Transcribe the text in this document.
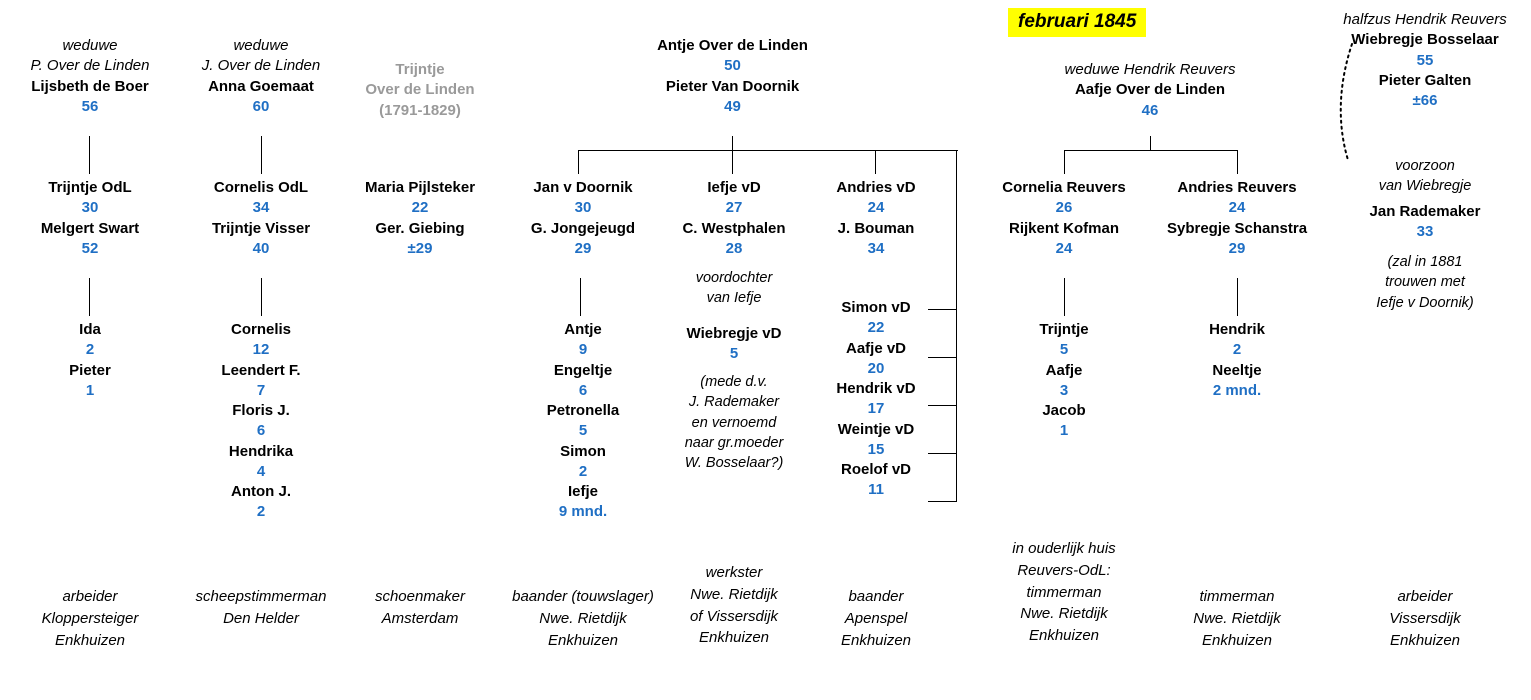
februari 1845
weduwe
P. Over de Linden
Lijsbeth de Boer
56
Trijntje OdL
30
Melgert Swart
52
Ida
2
Pieter
1
arbeider
Kloppersteiger
Enkhuizen
weduwe
J. Over de Linden
Anna Goemaat
60
Cornelis OdL
34
Trijntje Visser
40
Cornelis
12
Leendert F.
7
Floris J.
6
Hendrika
4
Anton J.
2
scheepstimmerman
Den Helder
Trijntje
Over de Linden
(1791-1829)
Maria Pijlsteker
22
Ger. Giebing
±29
schoenmaker
Amsterdam
Antje Over de Linden
50
Pieter Van Doornik
49
Jan v Doornik
30
G. Jongejeugd
29
Antje
9
Engeltje
6
Petronella
5
Simon
2
Iefje
9 mnd.
baander (touwslager)
Nwe. Rietdijk
Enkhuizen
Iefje vD
27
C. Westphalen
28
voordochter
van Iefje
Wiebregje vD
5
(mede d.v.
J. Rademaker
en vernoemd
naar gr.moeder
W. Bosselaar?)
werkster
Nwe. Rietdijk
of Vissersdijk
Enkhuizen
Andries vD
24
J. Bouman
34
Simon vD
22
Aafje vD
20
Hendrik vD
17
Weintje vD
15
Roelof vD
11
baander
Apenspel
Enkhuizen
weduwe Hendrik Reuvers
Aafje Over de Linden
46
Cornelia Reuvers
26
Rijkent Kofman
24
Trijntje
5
Aafje
3
Jacob
1
in ouderlijk huis
Reuvers-OdL:
timmerman
Nwe. Rietdijk
Enkhuizen
Andries Reuvers
24
Sybregje Schanstra
29
Hendrik
2
Neeltje
2 mnd.
timmerman
Nwe. Rietdijk
Enkhuizen
halfzus Hendrik Reuvers
Wiebregje Bosselaar
55
Pieter Galten
±66
voorzoon
van Wiebregje
Jan Rademaker
33
(zal in 1881
trouwen met
Iefje v Doornik)
arbeider
Vissersdijk
Enkhuizen
